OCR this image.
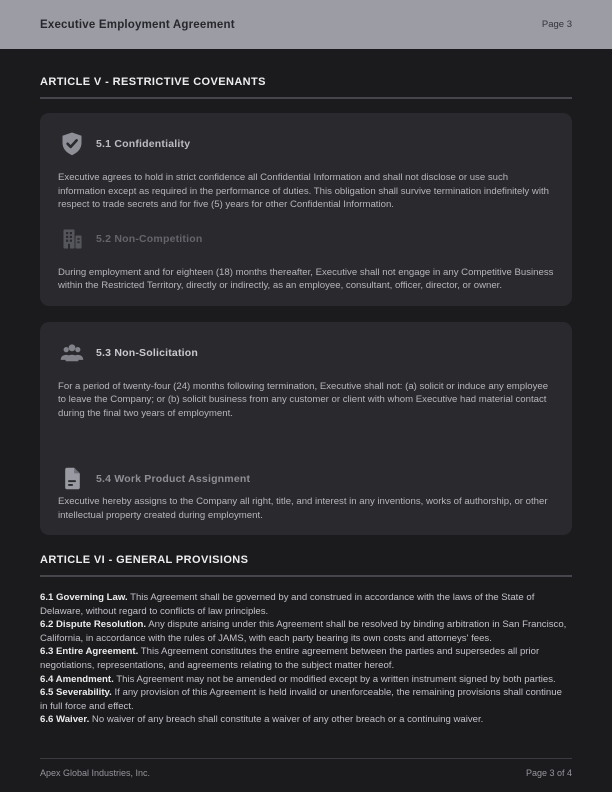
Executive Employment Agreement	Page 3
ARTICLE V - RESTRICTIVE COVENANTS
5.1 Confidentiality

Executive agrees to hold in strict confidence all Confidential Information and shall not disclose or use such information except as required in the performance of duties. This obligation shall survive termination indefinitely with respect to trade secrets and for five (5) years for other Confidential Information.

5.2 Non-Competition

During employment and for eighteen (18) months thereafter, Executive shall not engage in any Competitive Business within the Restricted Territory, directly or indirectly, as an employee, consultant, officer, director, or owner.

5.3 Non-Solicitation

For a period of twenty-four (24) months following termination, Executive shall not: (a) solicit or induce any employee to leave the Company; or (b) solicit business from any customer or client with whom Executive had material contact during the final two years of employment.

5.4 Work Product Assignment

Executive hereby assigns to the Company all right, title, and interest in any inventions, works of authorship, or other intellectual property created during employment.

ARTICLE VI - GENERAL PROVISIONS

6.1 Governing Law. This Agreement shall be governed by and construed in accordance with the laws of the State of Delaware, without regard to conflicts of law principles.

6.2 Dispute Resolution. Any dispute arising under this Agreement shall be resolved by binding arbitration in San Francisco, California, in accordance with the rules of JAMS, with each party bearing its own costs and attorneys' fees.

6.3 Entire Agreement. This Agreement constitutes the entire agreement between the parties and supersedes all prior negotiations, representations, and agreements relating to the subject matter hereof.

6.4 Amendment. This Agreement may not be amended or modified except by a written instrument signed by both parties.

6.5 Severability. If any provision of this Agreement is held invalid or unenforceable, the remaining provisions shall continue in full force and effect.

6.6 Waiver. No waiver of any breach shall constitute a waiver of any other breach or a continuing waiver.

Apex Global Industries, Inc.	Page 3 of 4
